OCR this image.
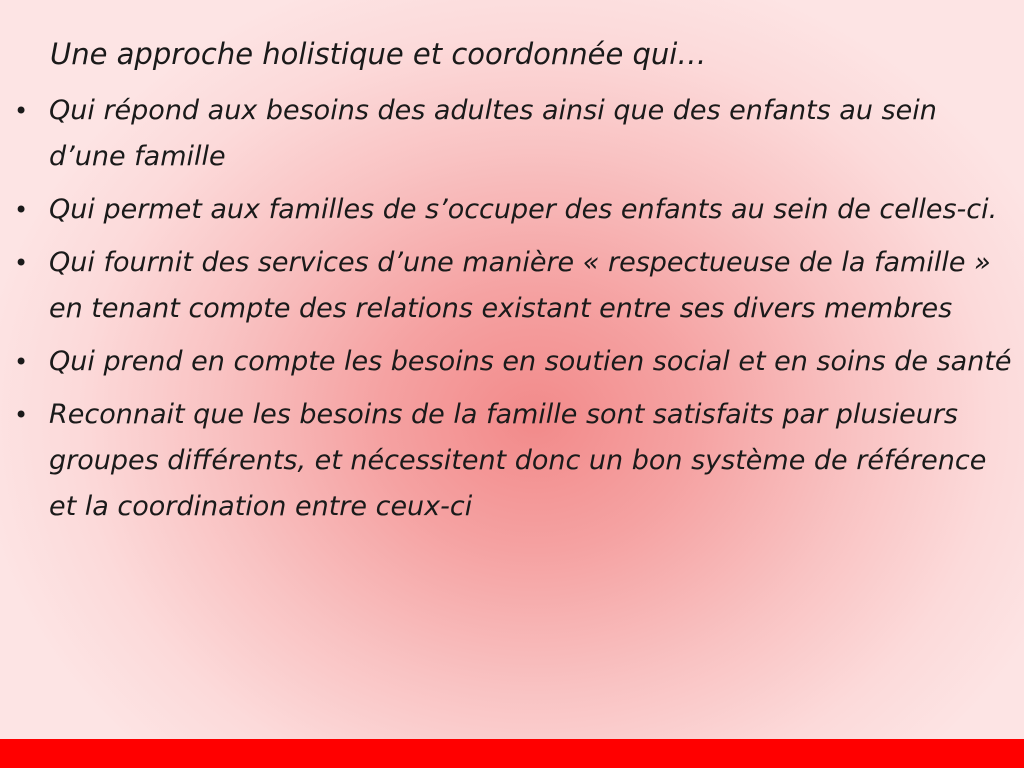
Une approche holistique et coordonnée qui…
• Qui répond aux besoins des adultes ainsi que des enfants au sein d’une famille
• Qui permet aux familles de s’occuper des enfants au sein de celles-ci.
• Qui fournit des services d’une manière « respectueuse de la famille » en tenant compte des relations existant entre ses divers membres
• Qui prend en compte les besoins en soutien social et en soins de santé
• Reconnait que les besoins de la famille sont satisfaits par plusieurs groupes différents, et nécessitent donc un bon système de référence et la coordination entre ceux-ci
